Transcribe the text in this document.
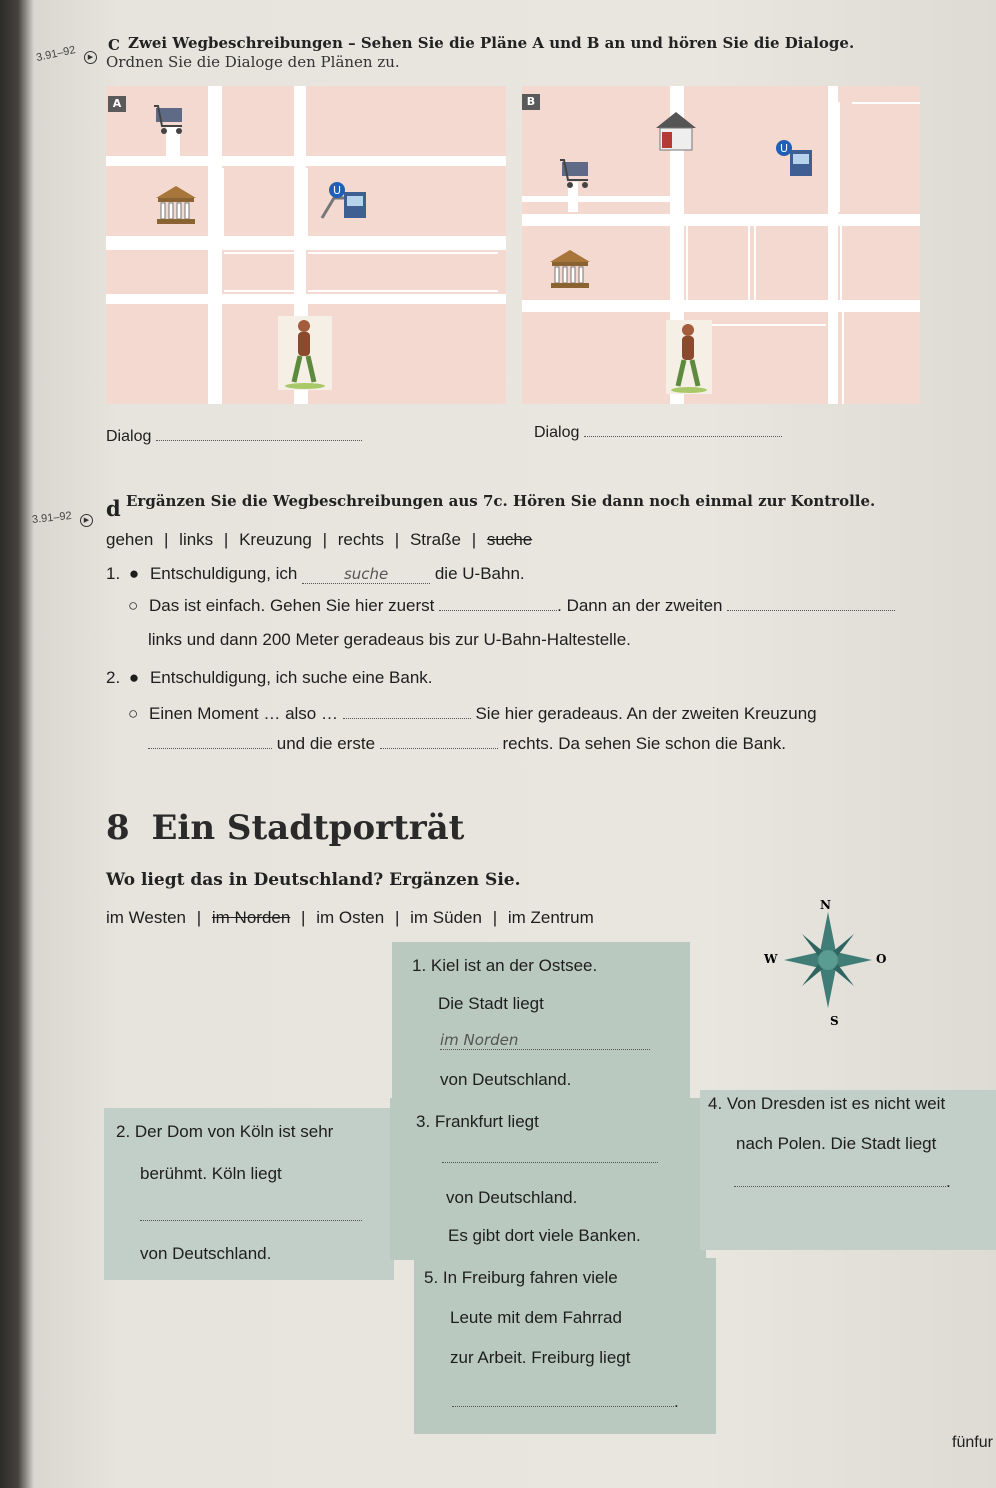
3.91–92	▶
C Zwei Wegbeschreibungen – Sehen Sie die Pläne A und B an und hören Sie die Dialoge.
Ordnen Sie die Dialoge den Plänen zu.
U
A
U
B
Dialog	Dialog
3.91–92	▶ d Ergänzen Sie die Wegbeschreibungen aus 7c. Hören Sie dann noch einmal zur Kontrolle.
gehen | links | Kreuzung | rechts | Straße | suche
1. ● Entschuldigung, ich	suche	die U-Bahn.
○ Das ist einfach. Gehen Sie hier zuerst	. Dann an der zweiten
links und dann 200 Meter geradeaus bis zur U-Bahn-Haltestelle.
2. ● Entschuldigung, ich suche eine Bank.
○ Einen Moment … also …	Sie hier geradeaus. An der zweiten Kreuzung
und die erste	rechts. Da sehen Sie schon die Bank.
8 Ein Stadtporträt
Wo liegt das in Deutschland? Ergänzen Sie.
im Westen | im Norden | im Osten | im Süden | im Zentrum
N
W	O
S
1. Kiel ist an der Ostsee.
Die Stadt liegt
im Norden
von Deutschland.
2. Der Dom von Köln ist sehr
berühmt. Köln liegt
von Deutschland.
3. Frankfurt liegt
von Deutschland.
Es gibt dort viele Banken.
4. Von Dresden ist es nicht weit
nach Polen. Die Stadt liegt
.
5. In Freiburg fahren viele
Leute mit dem Fahrrad
zur Arbeit. Freiburg liegt
.
fünfur
